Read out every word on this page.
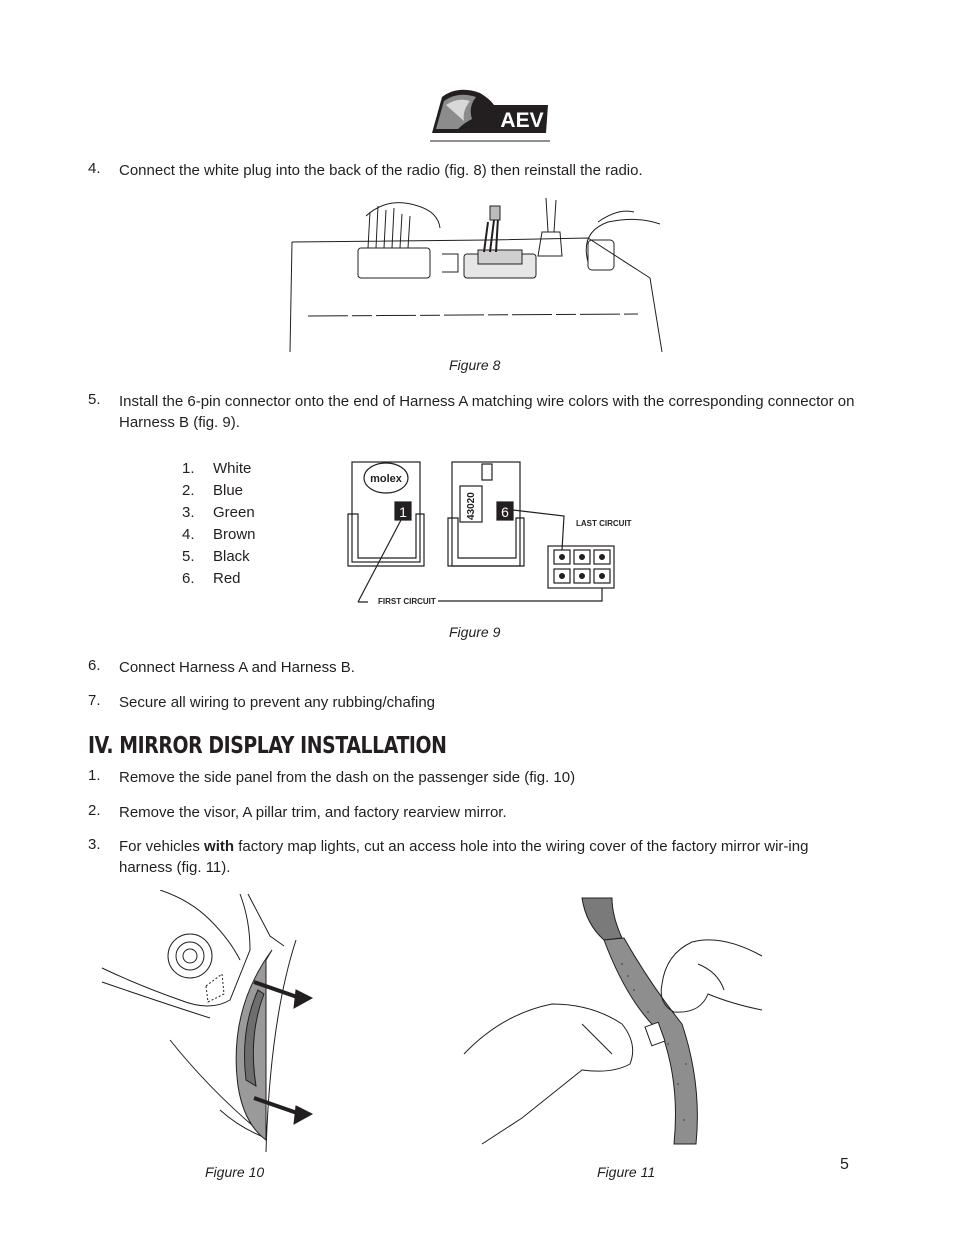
AEV
4. Connect the white plug into the back of the radio (fig. 8) then reinstall the radio.
Figure 8
5. Install the 6-pin connector onto the end of Harness A matching wire colors with the corresponding connector on Harness B (fig. 9).
1.	White
2.	Blue
3.	Green
4.	Brown
5.	Black
6.	Red
molex
1	43020 6
LAST CIRCUIT
FIRST CIRCUIT
Figure 9
6. Connect Harness A and Harness B.
7. Secure all wiring to prevent any rubbing/chafing
IV. MIRROR DISPLAY INSTALLATION
1. Remove the side panel from the dash on the passenger side (fig. 10)
2. Remove the visor, A pillar trim, and factory rearview mirror.
3. For vehicles with factory map lights, cut an access hole into the wiring cover of the factory mirror wir-ing harness (fig. 11).
Figure 10	Figure 11	5
